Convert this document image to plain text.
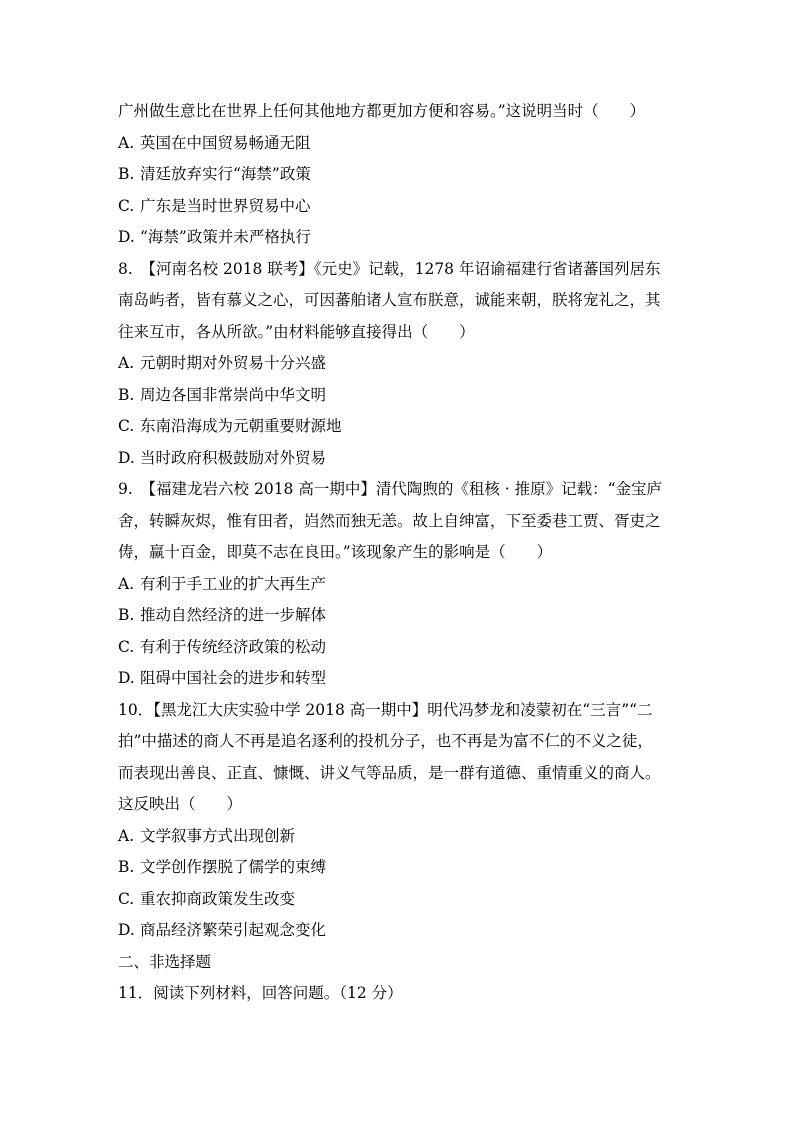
广州做生意比在世界上任何其他地方都更加方便和容易。”这说明当时（　　）
A. 英国在中国贸易畅通无阻
B. 清廷放弃实行“海禁”政策
C. 广东是当时世界贸易中心
D. “海禁”政策并未严格执行
8.　【河南名校 2018 联考】《元史》记载，1278 年诏谕福建行省诸蕃国列居东
南岛屿者，皆有慕义之心，可因蕃舶诸人宣布朕意，诚能来朝，朕将宠礼之，其
往来互市，各从所欲。”由材料能够直接得出（　　）
A. 元朝时期对外贸易十分兴盛
B. 周边各国非常崇尚中华文明
C. 东南沿海成为元朝重要财源地
D. 当时政府积极鼓励对外贸易
9.　【福建龙岩六校 2018 高一期中】清代陶煦的《租核 · 推原》记载：“金宝庐
舍，转瞬灰烬，惟有田者，岿然而独无恙。故上自绅富，下至委巷工贾、胥吏之
俦，赢十百金，即莫不志在良田。”该现象产生的影响是（　　）
A. 有利于手工业的扩大再生产
B. 推动自然经济的进一步解体
C. 有利于传统经济政策的松动
D. 阻碍中国社会的进步和转型
10．【黑龙江大庆实验中学 2018 高一期中】明代冯梦龙和凌蒙初在“三言”“二
拍”中描述的商人不再是追名逐利的投机分子，也不再是为富不仁的不义之徒，
而表现出善良、正直、慷慨、讲义气等品质，是一群有道德、重情重义的商人。
这反映出（　　）
A. 文学叙事方式出现创新
B. 文学创作摆脱了儒学的束缚
C. 重农抑商政策发生改变
D. 商品经济繁荣引起观念变化
二、非选择题
11．阅读下列材料，回答问题。（12 分）
